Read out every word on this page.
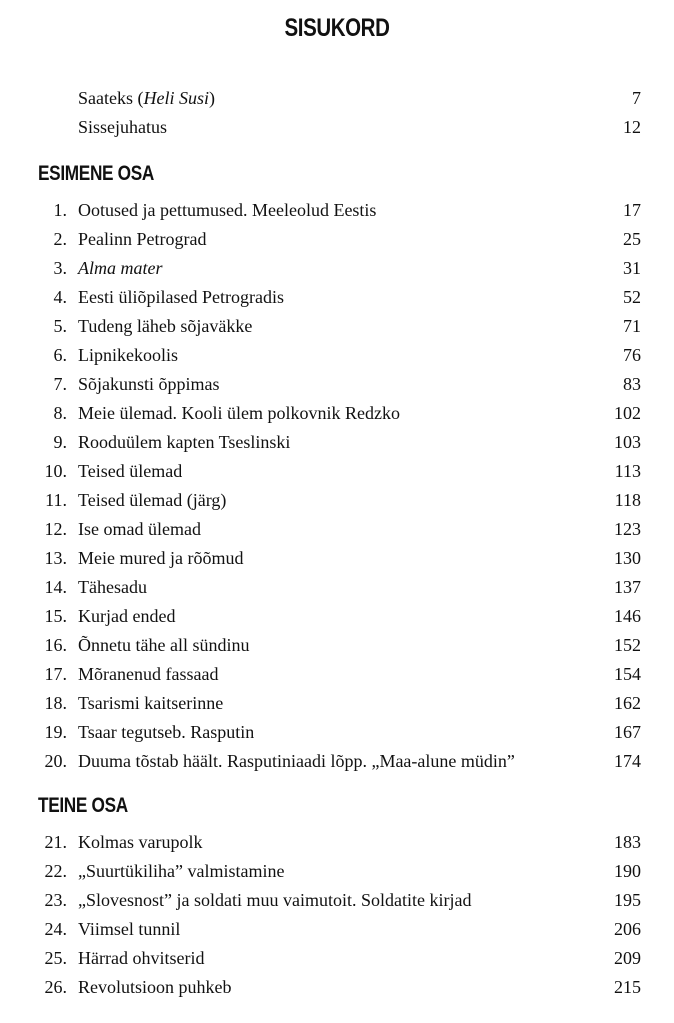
SISUKORD
Saateks (Heli Susi)	7
Sissejuhatus	12
ESIMENE OSA
1. Ootused ja pettumused. Meeleolud Eestis	17
2. Pealinn Petrograd	25
3. Alma mater	31
4. Eesti üliõpilased Petrogradis	52
5. Tudeng läheb sõjaväkke	71
6. Lipnikekoolis	76
7. Sõjakunsti õppimas	83
8. Meie ülemad. Kooli ülem polkovnik Redzko	102
9. Rooduülem kapten Tseslinski	103
10. Teised ülemad	113
11. Teised ülemad (järg)	118
12. Ise omad ülemad	123
13. Meie mured ja rõõmud	130
14. Tähesadu	137
15. Kurjad ended	146
16. Õnnetu tähe all sündinu	152
17. Mõranenud fassaad	154
18. Tsarismi kaitserinne	162
19. Tsaar tegutseb. Rasputin	167
20. Duuma tõstab häält. Rasputiniaadi lõpp. „Maa-alune müdin”	174
TEINE OSA
21. Kolmas varupolk	183
22. „Suurtükiliha” valmistamine	190
23. „Slovesnost” ja soldati muu vaimutoit. Soldatite kirjad	195
24. Viimsel tunnil	206
25. Härrad ohvitserid	209
26. Revolutsioon puhkeb	215
